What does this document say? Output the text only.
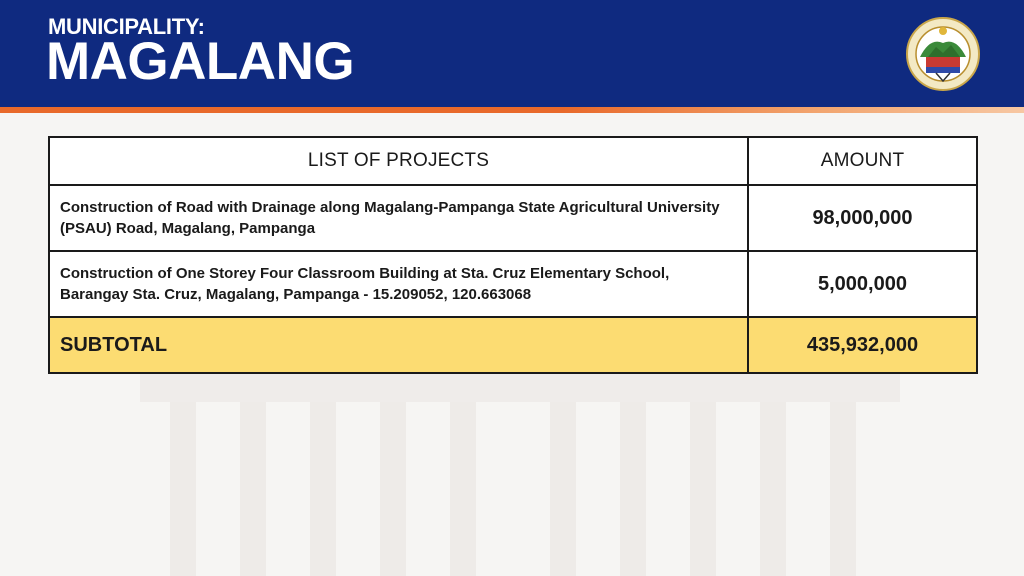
MUNICIPALITY:
MAGALANG
LIST OF PROJECTS	AMOUNT
Construction of Road with Drainage along Magalang-Pampanga State Agricultural University (PSAU) Road, Magalang, Pampanga	98,000,000
Construction of One Storey Four Classroom Building at Sta. Cruz Elementary School, Barangay Sta. Cruz, Magalang, Pampanga - 15.209052, 120.663068	5,000,000
SUBTOTAL	435,932,000
